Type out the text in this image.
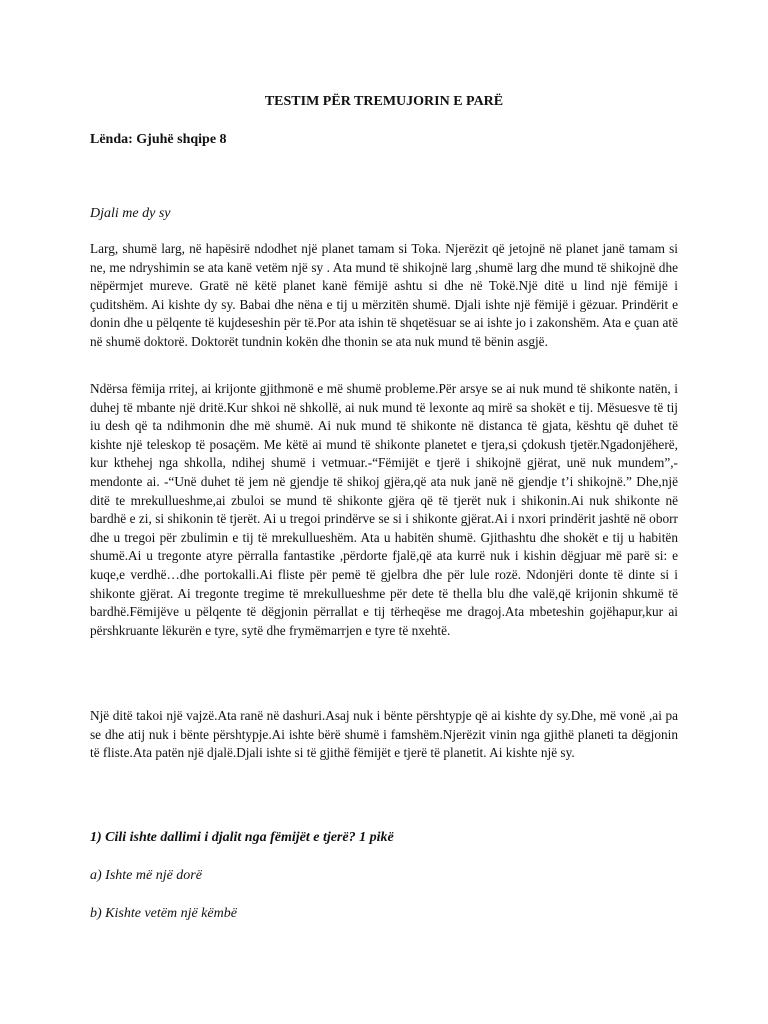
TESTIM PËR TREMUJORIN E PARË
Lënda: Gjuhë shqipe 8
Djali me dy sy

Larg, shumë larg, në hapësirë ndodhet një planet tamam si Toka. Njerëzit që jetojnë në planet janë tamam si ne, me ndryshimin se ata kanë vetëm një sy . Ata mund të shikojnë larg ,shumë larg dhe mund të shikojnë dhe nëpërmjet mureve. Gratë në këtë planet kanë fëmijë ashtu si dhe në Tokë.Një ditë u lind një fëmijë i çuditshëm. Ai kishte dy sy. Babai dhe nëna e tij u mërzitën shumë. Djali ishte një fëmijë i gëzuar. Prindërit e donin dhe u pëlqente të kujdeseshin për të.Por ata ishin të shqetësuar se ai ishte jo i zakonshëm. Ata e çuan atë në shumë doktorë. Doktorët tundnin kokën dhe thonin se ata nuk mund të bënin asgjë.

Ndërsa fëmija rritej, ai krijonte gjithmonë e më shumë probleme.Për arsye se ai nuk mund të shikonte natën, i duhej të mbante një dritë.Kur shkoi në shkollë, ai nuk mund të lexonte aq mirë sa shokët e tij. Mësuesve të tij iu desh që ta ndihmonin dhe më shumë. Ai nuk mund të shikonte në distanca të gjata, kështu që duhet të kishte një teleskop të posaçëm. Me këtë ai mund të shikonte planetet e tjera,si çdokush tjetër.Ngadonjëherë, kur kthehej nga shkolla, ndihej shumë i vetmuar.-“Fëmijët e tjerë i shikojnë gjërat, unë nuk mundem”,-mendonte ai. -“Unë duhet të jem në gjendje të shikoj gjëra,që ata nuk janë në gjendje t’i shikojnë.” Dhe,një ditë te mrekullueshme,ai zbuloi se mund të shikonte gjëra që të tjerët nuk i shikonin.Ai nuk shikonte në bardhë e zi, si shikonin të tjerët. Ai u tregoi prindërve se si i shikonte gjërat.Ai i nxori prindërit jashtë në oborr dhe u tregoi për zbulimin e tij të mrekullueshëm. Ata u habitën shumë. Gjithashtu dhe shokët e tij u habitën shumë.Ai u tregonte atyre përralla fantastike ,përdorte fjalë,që ata kurrë nuk i kishin dëgjuar më parë si: e kuqe,e verdhë…dhe portokalli.Ai fliste për pemë të gjelbra dhe për lule rozë. Ndonjëri donte të dinte si i shikonte gjërat. Ai tregonte tregime të mrekullueshme për dete të thella blu dhe valë,që krijonin shkumë të bardhë.Fëmijëve u pëlqente të dëgjonin përrallat e tij tërheqëse me dragoj.Ata mbeteshin gojëhapur,kur ai përshkruante lëkurën e tyre, sytë dhe frymëmarrjen e tyre të nxehtë.

Një ditë takoi një vajzë.Ata ranë në dashuri.Asaj nuk i bënte përshtypje që ai kishte dy sy.Dhe, më vonë ,ai pa se dhe atij nuk i bënte përshtypje.Ai ishte bërë shumë i famshëm.Njerëzit vinin nga gjithë planeti ta dëgjonin të fliste.Ata patën një djalë.Djali ishte si të gjithë fëmijët e tjerë të planetit. Ai kishte një sy.

1) Cili ishte dallimi i djalit nga fëmijët e tjerë? 1 pikë
a) Ishte më një dorë
b) Kishte vetëm një këmbë
